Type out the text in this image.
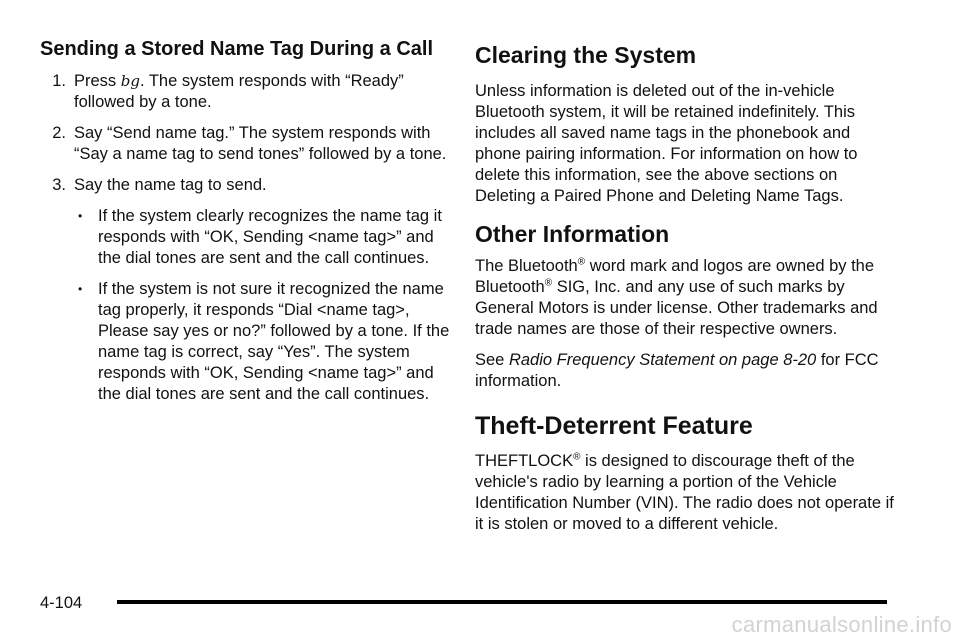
Sending a Stored Name Tag During a Call
1. Press bg. The system responds with “Ready” followed by a tone.
2. Say “Send name tag.” The system responds with “Say a name tag to send tones” followed by a tone.
3. Say the name tag to send.
• If the system clearly recognizes the name tag it responds with “OK, Sending <name tag>” and the dial tones are sent and the call continues.
• If the system is not sure it recognized the name tag properly, it responds “Dial <name tag>, Please say yes or no?” followed by a tone. If the name tag is correct, say “Yes”. The system responds with “OK, Sending <name tag>” and the dial tones are sent and the call continues.
Clearing the System

Unless information is deleted out of the in-vehicle Bluetooth system, it will be retained indefinitely. This includes all saved name tags in the phonebook and phone pairing information. For information on how to delete this information, see the above sections on Deleting a Paired Phone and Deleting Name Tags.

Other Information

The Bluetooth® word mark and logos are owned by the Bluetooth® SIG, Inc. and any use of such marks by General Motors is under license. Other trademarks and trade names are those of their respective owners.

See Radio Frequency Statement on page 8-20 for FCC information.

Theft-Deterrent Feature

THEFTLOCK® is designed to discourage theft of the vehicle's radio by learning a portion of the Vehicle Identification Number (VIN). The radio does not operate if it is stolen or moved to a different vehicle.

4-104
carmanualsonline.info
